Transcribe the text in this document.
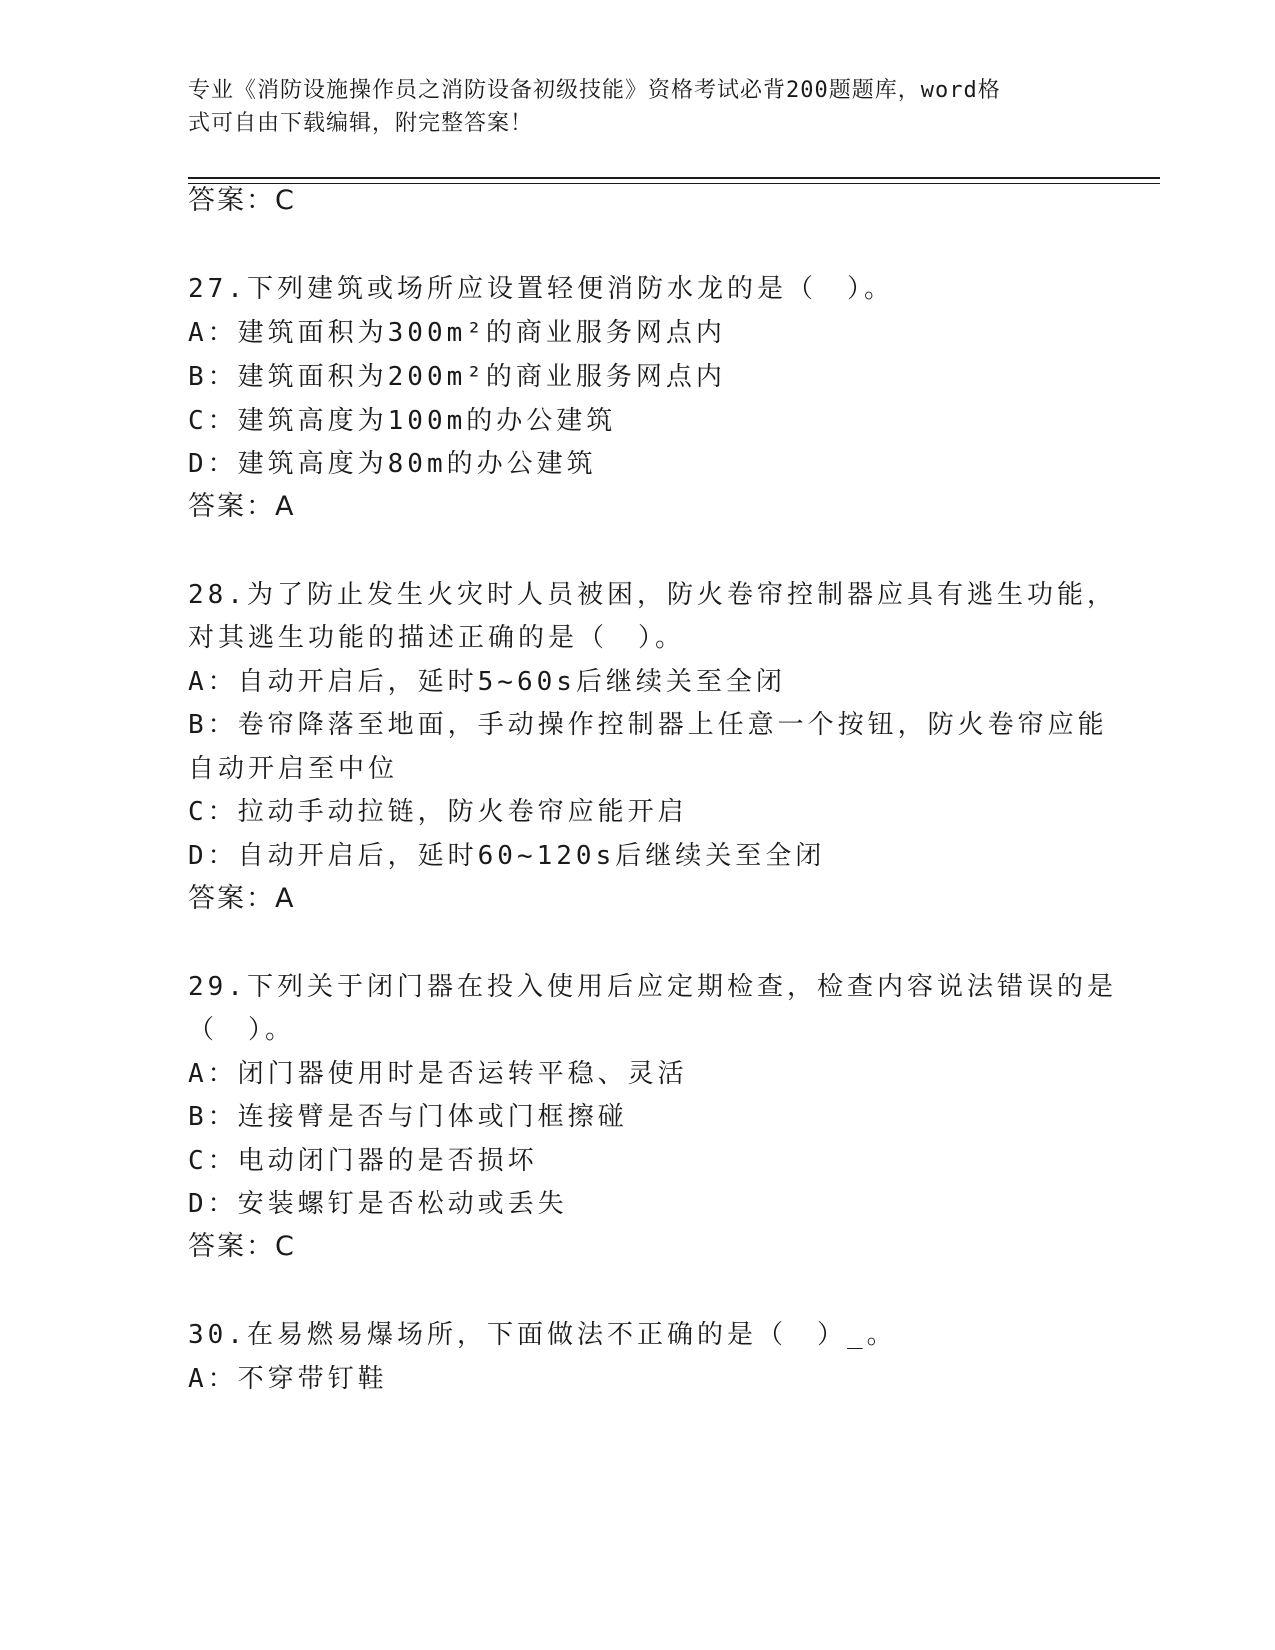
专业《消防设施操作员之消防设备初级技能》资格考试必背200题题库，word格
式可自由下载编辑，附完整答案！
答案：C
27.下列建筑或场所应设置轻便消防水龙的是（　）。
A：建筑面积为300m²的商业服务网点内
B：建筑面积为200m²的商业服务网点内
C：建筑高度为100m的办公建筑
D：建筑高度为80m的办公建筑
答案：A
28.为了防止发生火灾时人员被困，防火卷帘控制器应具有逃生功能，
对其逃生功能的描述正确的是（　）。
A：自动开启后，延时5~60s后继续关至全闭
B：卷帘降落至地面，手动操作控制器上任意一个按钮，防火卷帘应能
自动开启至中位
C：拉动手动拉链，防火卷帘应能开启
D：自动开启后，延时60~120s后继续关至全闭
答案：A
29.下列关于闭门器在投入使用后应定期检查，检查内容说法错误的是
（　）。
A：闭门器使用时是否运转平稳、灵活
B：连接臂是否与门体或门框擦碰
C：电动闭门器的是否损坏
D：安装螺钉是否松动或丢失
答案：C
30.在易燃易爆场所，下面做法不正确的是（　）_。
A：不穿带钉鞋
